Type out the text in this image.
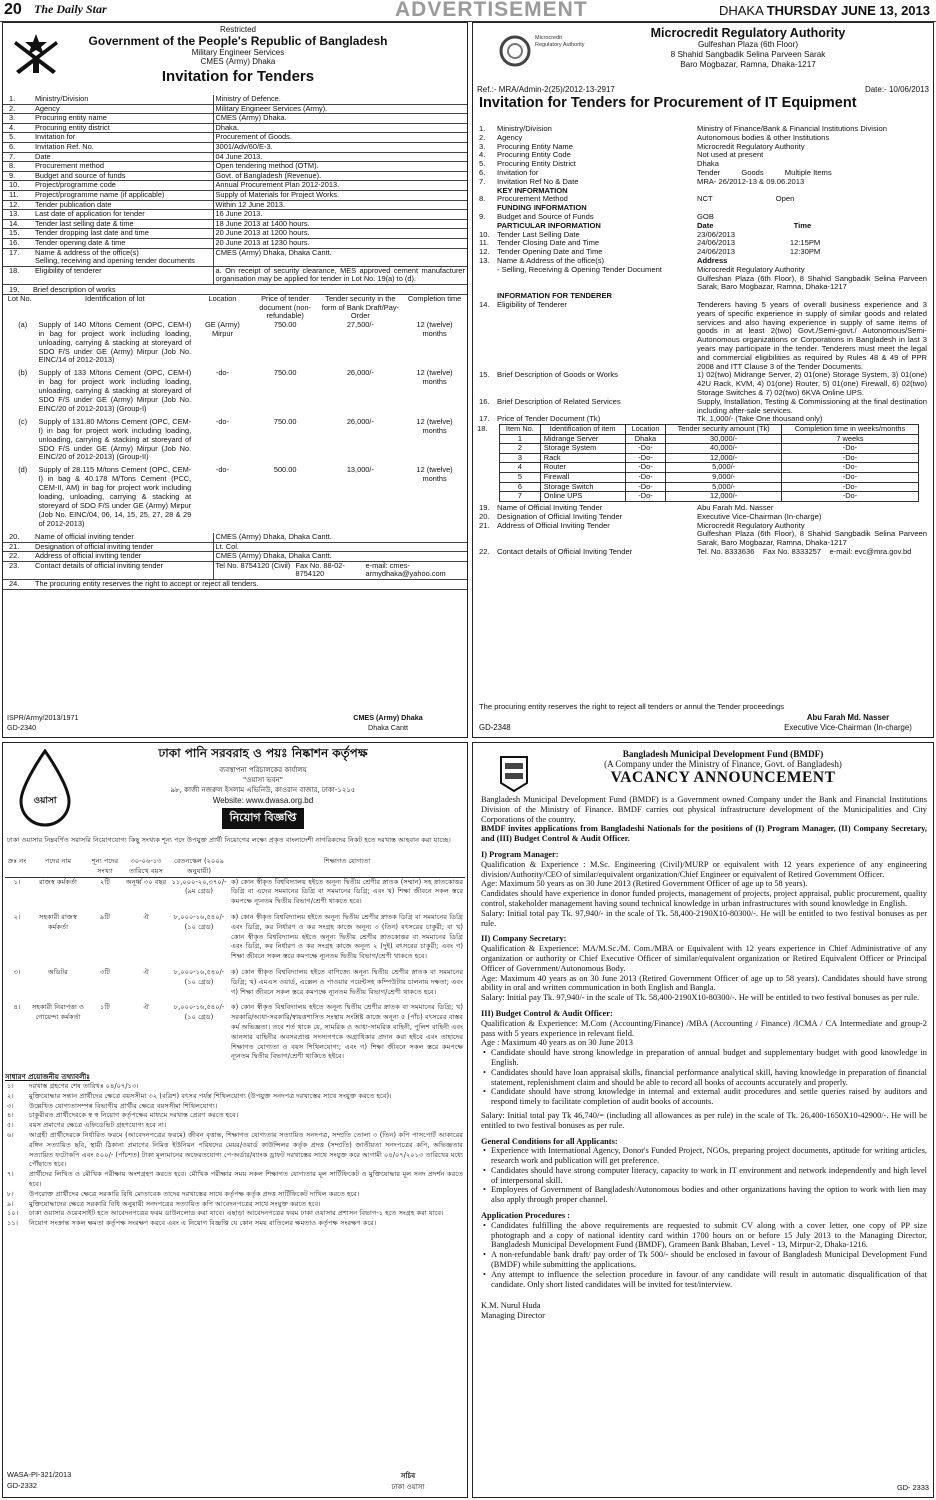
20 The Daily Star	ADVERTISEMENT	DHAKA THURSDAY JUNE 13, 2013
Restricted
Government of the People's Republic of Bangladesh
Military Engineer Services
CMES (Army) Dhaka
Invitation for Tenders
1.	Ministry/Division	Ministry of Defence.
2.	Agency	Military Engineer Services (Army).
3.	Procuring entity name	CMES (Army) Dhaka.
4.	Procuring entity district	Dhaka.
5.	Invitation for	Procurement of Goods.
6.	Invitation Ref. No.	3001/Adv/60/E-3.
7.	Date	04 June 2013.
8.	Procurement method	Open tendering method (OTM).
9.	Budget and source of funds	Govt. of Bangladesh (Revenue).
10.	Project/programme code	Annual Procurement Plan 2012-2013.
11.	Project/programme name (if applicable)	Supply of Materials for Project Works.
12.	Tender publication date	Within 12 June 2013.
13.	Last date of application for tender	16 June 2013.
14.	Tender last selling date & time	18 June 2013 at 1400 hours.
15.	Tender dropping last date and time	20 June 2013 at 1200 hours.
16.	Tender opening date & time	20 June 2013 at 1230 hours.
17.	Name & address of the office(s)
Selling, receiving and opening tender documents	CMES (Army) Dhaka, Dhaka Cantt.
18.	Eligibility of tenderer	a. On receipt of security clearance, MES approved cement manufacturer organisation may be applied for tender in Lot No. 19(a) to (d).
19. Brief description of works
Lot No.	Identification of lot	Location	Price of tender document (non-refundable)	Tender security in the form of Bank Draft/Pay-Order	Completion time
(a)	Supply of 140 M/tons Cement (OPC, CEM-I) in bag for project work including loading, unloading, carrying & stacking at storeyard of SDO F/S under GE (Army) Mirpur (Job No. EINC/14 of 2012-2013)	GE (Army) Mirpur	750.00	27,500/-	12 (twelve) months
(b)	Supply of 133 M/tons Cement (OPC, CEM-I) in bag for project work including loading, unloading, carrying & stacking at storeyard of SDO F/S under GE (Army) Mirpur (Job No. EINC/20 of 2012-2013) (Group-I)	-do-	750.00	26,000/-	12 (twelve) months
(c)	Supply of 131.80 M/tons Cement (OPC, CEM-I) in bag for project work including loading, unloading, carrying & stacking at storeyard of SDO F/S under GE (Army) Mirpur (Job No. EINC/20 of 2012-2013) (Group-II)	-do-	750.00	26,000/-	12 (twelve) months
(d)	Supply of 28.115 M/tons Cement (OPC, CEM-I) in bag & 40.178 M/Tons Cement (PCC, CEM-II, AM) in bag for project work including loading, unloading, carrying & stacking at storeyard of SDO F/S under GE (Army) Mirpur (Job No. EINC/04, 06, 14, 15, 25, 27, 28 & 29 of 2012-2013)	-do-	500.00	13,000/-	12 (twelve) months
20.	Name of official inviting tender	CMES (Army) Dhaka, Dhaka Cantt.
21.	Designation of official inviting tender	Lt. Col.
22.	Address of official inviting tender	CMES (Army) Dhaka, Dhaka Cantt.
23.	Contact details of official inviting tender		Tel No. 8754120 (Civil)	Fax No. 88-02-8754120	e-mail: cmes-armydhaka@yahoo.com

24.	The procuring entity reserves the right to accept or reject all tenders.
ISPR/Army/2013/1971
GD-2340
CMES (Army) Dhaka
Dhaka Cantt
Microcredit Regulatory Authority
Microcredit Regulatory Authority
Gulfeshan Plaza (6th Floor)
8 Shahid Sangbadik Selina Parveen Sarak
Baro Mogbazar, Ramna, Dhaka-1217
Ref.:- MRA/Admin-2(25)/2012-13-2917	Date:- 10/06/2013
Invitation for Tenders for Procurement of IT Equipment
1.	Ministry/Division	Ministry of Finance/Bank & Financial Institutions Division
2.	Agency	Autonomous bodies & other Institutions
3.	Procuring Entity Name	Microcredit Regulatory Authority
4.	Procuring Entity Code	Not used at present
5.	Procuring Entity District	Dhaka
6.	Invitation for	Tender          Goods          Multiple Items
7.	Invitation Ref No & Date	MRA- 26/2012-13 & 09.06.2013
	KEY INFORMATION	
8.	Procurement Method	NCT                              Open
	FUNDING INFORMATION	
9.	Budget and Source of Funds	GOB
	PARTICULAR INFORMATION	Date                                      Time
10.	Tender Last Selling Date	23/06/2013
11.	Tender Closing Date and Time	24/06/2013                          12:15PM
12.	Tender Opening Date and Time	24/06/2013                          12:30PM
13.	Name & Address of the office(s)	Address
	- Selling, Receiving & Opening Tender Document	Microcredit Regulatory Authority
Gulfeshan Plaza (6th Floor), 8 Shahid Sangbadik Selina Parveen Sarak, Baro Mogbazar, Ramna, Dhaka-1217
	INFORMATION FOR TENDERER	
14.	Eligibility of Tenderer	Tenderers having 5 years of overall business experience and 3 years of specific experience in supply of similar goods and related services and also having experience in supply of same items of goods in at least 2(two) Govt./Semi-govt./ Autonomous/Semi-Autonomous organizations or Corporations in Bangladesh in last 3 years may participate in the tender. Tenderers must meet the legal and commercial eligibilities as required by Rules 48 & 49 of PPR 2008 and ITT Clause 3 of the Tender Documents.
15.	Brief Description of Goods or Works	1) 02(two) Midrange Server, 2) 01(one) Storage System, 3) 01(one) 42U Rack, KVM, 4) 01(one) Router, 5) 01(one) Firewall, 6) 02(two) Storage Switches & 7) 02(two) 6KVA Online UPS.
16.	Brief Description of Related Services	Supply, Installation, Testing & Commissioning at the final destination including after-sale services.
17.	Price of Tender Document (Tk)	Tk. 1,000/- (Take One thousand only)
18.	Item No.	Identification of item	Location	Tender security amount (Tk)	Completion time in weeks/months
1	Midrange Server	Dhaka	30,000/-	7 weeks
2	Storage System	-Do-	40,000/-	-Do-
3	Rack	-Do-	12,000/-	-Do-
4	Router	-Do-	5,000/-	-Do-
5	Firewall	-Do-	9,000/-	-Do-
6	Storage Switch	-Do-	5,000/-	-Do-
7	Online UPS	-Do-	12,000/-	-Do-
19.	Name of Official Inviting Tender	Abu Farah Md. Nasser
20.	Designation of Official Inviting Tender	Executive Vice-Chairman (In-charge)
21.	Address of Official Inviting Tender	Microcredit Regulatory Authority
Gulfeshan Plaza (6th Floor), 8 Shahid Sangbadik Selina Parveen Sarak, Baro Mogbazar, Ramna, Dhaka-1217
22.	Contact details of Official Inviting Tender	Tel. No. 8333636    Fax No. 8333257    e-mail: evc@mra.gov.bd
The procuring entity reserves the right to reject all tenders or annul the Tender proceedings
Abu Farah Md. Nasser
Executive Vice-Chairman (In-charge)
GD-2348
ওয়াসা
ঢাকা পানি সরবরাহ ও পয়ঃ নিষ্কাশন কর্তৃপক্ষ
ব্যবস্থাপনা পরিচালকের কার্যালয়
"ওয়াসা ভবন"
৯৮, কাজী নজরুল ইসলাম এভিনিউ, কাওরান বাজার, ঢাকা-১২১৫
Website: www.dwasa.org.bd
নিয়োগ বিজ্ঞপ্তি
ঢাকা ওয়াসার নিম্নবর্ণিত সরাসরি নিয়োগযোগ্য কিছু সংখ্যক শূন্য পদে উপযুক্ত প্রার্থী নিয়োগের লক্ষ্যে প্রকৃত বাংলাদেশী নাগরিকদের নিকট হতে দরখাস্ত আহবান করা যাচ্ছে।
ক্রঃ নং	পদের নাম	শূন্য পদের সংখ্যা	৩০-০৬-১৩ তারিখে বয়স	বেতনস্কেল (২০০৯ অনুযায়ী)	শিক্ষাগত যোগ্যতা
১।	রাজস্ব কর্মকর্তা	২টি	অনূর্ধ্ব ৩০ বছর	১১,০০০-২০,৩৭০/- (৯ম গ্রেড)	ক) কোন স্বীকৃত বিশ্ববিদ্যালয় হইতে অনূন্য দ্বিতীয় শ্রেণীর স্নাতক (সম্মান) সহ স্নাতকোত্তর ডিগ্রি বা এদের সমমানের ডিগ্রি বা সমমানের ডিগ্রি; এবং খ) শিক্ষা জীবনে সকল স্তরে কমপক্ষে ন্যূনতম দ্বিতীয় বিভাগ/শ্রেণী থাকতে হবে।
২।	সহকারী রাজস্ব কর্মকর্তা	৯টি	ঐ	৮,০০০-১৬,৫৪০/- (১০ গ্রেড)	ক) কোন স্বীকৃত বিশ্ববিদ্যালয় হইতে অনূন্য দ্বিতীয় শ্রেণীর স্নাতক ডিগ্রি বা সমমানের ডিগ্রি এবং ডিগ্রি, কর নির্ধারণ ও কর সংগ্রহ কাজে অনূন্য ৩ (তিন) বৎসরের চাকুরী; বা খ) কোন স্বীকৃত বিশ্ববিদ্যালয় হইতে অনূন্য দ্বিতীয় শ্রেণীর স্নাতকোত্তর বা সমমানের ডিগ্রি এবং ডিগ্রি, কর নির্ধারণ ও কর সংগ্রহ কাজে অনূন্য ২ (দুই) বৎসরের চাকুরী; এবং গ) শিক্ষা জীবনে সকল স্তরে কমপক্ষে ন্যূনতম দ্বিতীয় বিভাগ/শ্রেণী থাকতে হবে।
৩।	অডিটর	৩টি	ঐ	৮,০০০-১৬,৫৪০/- (১০ গ্রেড)	ক) কোন স্বীকৃত বিশ্ববিদ্যালয় হইতে বাণিজ্যে অনূন্য দ্বিতীয় শ্রেণীর স্নাতক বা সমমানের ডিগ্রি; খ) এমএস ওয়ার্ড, এক্সেল ও পাওয়ার পয়েন্টসহ কম্পিউটার চালনায় দক্ষতা; এবং গ) শিক্ষা জীবনে সকল স্তরে কমপক্ষে ন্যূনতম দ্বিতীয় বিভাগ/শ্রেণী থাকতে হবে।
৪।	সহকারী নিরাপত্তা ও গোয়েন্দা কর্মকর্তা	১টি	ঐ	৮,০০০-১৬,৫৪০/- (১০ গ্রেড)	ক) কোন স্বীকৃত বিশ্ববিদ্যালয় হইতে অনূন্য দ্বিতীয় শ্রেণীর স্নাতক বা সমমানের ডিগ্রি; খ) সরকারি/আধা-সরকারি/স্বায়ত্তশাসিত সংস্থায় সংশ্লিষ্ট কাজে অনূন্য ৫ (পাঁচ) বৎসরের বাস্তব কর্ম অভিজ্ঞতা। তবে শর্ত থাকে যে, সামরিক ও আধা-সামরিক বাহিনী, পুলিশ বাহিনী এবং আনসার বাহিনীর অবসরপ্রাপ্ত সদস্যগণকে অগ্রাধিকার প্রদান করা হইবে এবং তাহাদের শিক্ষাগত যোগ্যতা ও বয়স শিথিলযোগ্য; এবং গ) শিক্ষা জীবনে সকল স্তরে কমপক্ষে ন্যূনতম দ্বিতীয় বিভাগ/শ্রেণী থাকিতে হইবে।
সাধারণ প্রয়োজনীয় তথ্যাবলীঃ
১।	দরখাস্ত গ্রহণের শেষ তারিখঃ ০৪/০৭/১৩।
২।	মুক্তিযোদ্ধার সন্তান প্রার্থীদের ক্ষেত্রে বয়সসীমা ৩২ (বত্রিশ) বৎসর পর্যন্ত শিথিলযোগ্য (উপযুক্ত সনদপত্র দরখাস্তের সাথে সংযুক্ত করতে হবে)।
৩।	উল্লেখিত যোগ্যতাসম্পন্ন বিভাগীয় প্রার্থীর ক্ষেত্রে বয়সসীমা শিথিলযোগ্য।
৪।	চাকুরীরত প্রার্থীদেরকে স্ব স্ব নিয়োগ কর্তৃপক্ষের মাধ্যমে দরখাস্ত প্রেরণ করতে হবে।
৫।	বয়স প্রমাণের ক্ষেত্রে এফিডেভিট গ্রহণযোগ্য হবে না।
৬।	আগ্রহী প্রার্থীদেরকে নির্ধারিত ফরমে (আবেদনপত্রের ফরমে) জীবন বৃত্তান্ত, শিক্ষাগত যোগ্যতার সত্যায়িত সনদপত্র, সম্প্রতি তোলা ৩ (তিন) কপি পাসপোর্ট আকারের রঙ্গিন সত্যায়িত ছবি, স্থায়ী ঠিকানা প্রমাণের নিমিত্ত ইউনিয়ন পরিষদের মেয়র/ওয়ার্ড কাউন্সিলর কর্তৃক প্রদত্ত (সম্প্রতি) জাতীয়তা সনদপত্রের কপি, অভিজ্ঞতার সত্যায়িত ফটোকপি এবং ৫০০/- (পাঁচশত) টাকা মূল্যমানের অফেরতযোগ্য পে-অর্ডার/ব্যাংক ড্রাফট দরখাস্তের সাথে সংযুক্ত করে আগামী ০৪/০৭/২০১৩ তারিখের মধ্যে পৌঁছাতে হবে।
৭।	প্রার্থীদের লিখিত ও মৌখিক পরীক্ষায় অংশগ্রহণ করতে হবে। মৌখিক পরীক্ষার সময় সকল শিক্ষাগত যোগ্যতার মূল সার্টিফিকেট ও মুক্তিযোদ্ধার মূল সনদ প্রদর্শন করতে হবে।
৮।	উপরোক্ত প্রার্থীদের ক্ষেত্রে সরকারি বিধি মোতাবেক তাদের দরখাস্তের সাথে কর্তৃপক্ষ কর্তৃক প্রদত্ত সার্টিফিকেট দাখিল করতে হবে।
৯।	মুক্তিযোদ্ধাদের ক্ষেত্রে সরকারি বিধি অনুযায়ী সনদপত্রের সত্যায়িত কপি আবেদনপত্রের সাথে সংযুক্ত করতে হবে।
১০।	ঢাকা ওয়াসার ওয়েবসাইট হতে আবেদনপত্রের ফরম ডাউনলোড করা যাবে। এছাড়া আবেদনপত্রের ফরম ঢাকা ওয়াসার প্রশাসন বিভাগ-১ হতে সংগ্রহ করা যাবে।
১১।	নিয়োগ সংক্রান্ত সকল ক্ষমতা কর্তৃপক্ষ সংরক্ষণ করবে এবং এ নিয়োগ বিজ্ঞপ্তি যে কোন সময় বাতিলের ক্ষমতাও কর্তৃপক্ষ সংরক্ষণ করে।
WASA-PI-321/2013
GD-2332
সচিব
ঢাকা ওয়াসা
Bangladesh Municipal Development Fund (BMDF)
(A Company under the Ministry of Finance, Govt. of Bangladesh)
VACANCY ANNOUNCEMENT

Bangladesh Municipal Development Fund (BMDF) is a Government owned Company under the Bank and Financial Institutions Division of the Ministry of Finance. BMDF carries out physical infrastructure development of the Municipalities and City Corporations of the country.

BMDF invites applications from Bangladeshi Nationals for the positions of (I) Program Manager, (II) Company Secretary, and (III) Budget Control & Audit Officer.

I) Program Manager:

Qualification & Experience : M.Sc. Engineering (Civil)/MURP or equivalent with 12 years experience of any engineering division/Authority/CEO of similar/equivalent organization/Chief Engineer or equivalent of Retired Government Officer.

Age: Maximum 50 years as on 30 June 2013 (Retired Government Officer of age up to 58 years).

Candidates should have experience in donor funded projects, management of projects, project appraisal, public procurement, quality control, stakeholder management having sound technical knowledge in urban infrastructures with sound knowledge in English.

Salary: Initial total pay Tk. 97,940/- in the scale of Tk. 58,400-2190X10-80300/-. He will be entitled to two festival bonuses as per rule.

II) Company Secretary:

Qualification & Experience: MA/M.Sc./M. Com./MBA or Equivalent with 12 years experience in Chief Administrative of any organization or authority or Chief Executive Officer of similar/equivalent organization or Retired Equivalent Officer or Principal Officer of Government/Autonomous Body.

Age: Maximum 40 years as on 30 June 2013 (Retired Government Officer of age up to 58 years). Candidates should have strong ability in oral and written communication in both English and Bangla.

Salary: Initial pay Tk. 97,940/- in the scale of Tk. 58,400-2190X10-80300/-. He will be entitled to two festival bonuses as per rule.

III) Budget Control & Audit Officer:

Qualification & Experience: M.Com (Accounting/Finance) /MBA (Accounting / Finance) /ICMA / CA Intermediate and group-2 pass with 5 years experience in relevant field.

Age : Maximum 40 years as on 30 June 2013

• Candidate should have strong knowledge in preparation of annual budget and supplementary budget with good knowledge in English.
• Candidates should have loan appraisal skills, financial performance analytical skill, having knowledge in preparation of financial statement, replenishment claim and should be able to record all books of accounts accurately and properly.
• Candidate should have strong knowledge in internal and external audit procedures and settle queries raised by auditors and respond timely to facilitate completion of audit books of accounts.

Salary: Initial total pay Tk 46,740/= (including all allowances as per rule) in the scale of Tk. 26,400-1650X10-42900/-. He will be entitled to two festival bonuses as per rule.

General Conditions for all Applicants:

• Experience with International Agency, Donor's Funded Project, NGOs, preparing project documents, aptitude for writing articles, research work and publication will get preference.
• Candidates should have strong computer literacy, capacity to work in IT environment and network independently and high level of interpersonal skill.
• Employees of Government of Bangladesh/Autonomous bodies and other organizations having the option to work with lien may also apply through proper channel.

Application Procedures :

• Candidates fulfilling the above requirements are requested to submit CV along with a cover letter, one copy of PP size photograph and a copy of national identity card within 1700 hours on or before 15 July 2013 to the Managing Director, Bangladesh Municipal Development Fund (BMDF), Grameen Bank Bhaban, Level - 13, Mirpur-2, Dhaka-1216.
• A non-refundable bank draft/ pay order of Tk 500/- should be enclosed in favour of Bangladesh Municipal Development Fund (BMDF) while submitting the applications.
• Any attempt to influence the selection procedure in favour of any candidate will result in automatic disqualification of that candidate. Only short listed candidates will be invited for test/interview.

K.M. Nurul Huda

Managing Director

GD- 2333
